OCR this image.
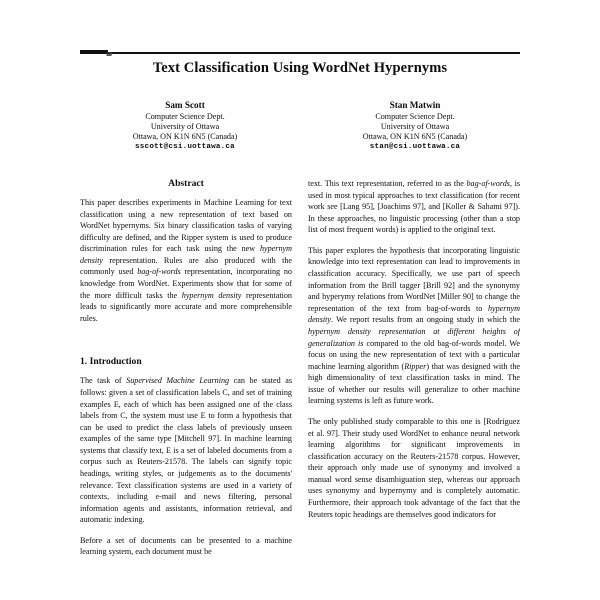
Text Classification Using WordNet Hypernyms
Sam Scott
Computer Science Dept.
University of Ottawa
Ottawa, ON K1N 6N5 (Canada)
sscott@csi.uottawa.ca
Stan Matwin
Computer Science Dept.
University of Ottawa
Ottawa, ON K1N 6N5 (Canada)
stan@csi.uottawa.ca
Abstract

This paper describes experiments in Machine Learning for text classification using a new representation of text based on WordNet hypernyms. Six binary classification tasks of varying difficulty are defined, and the Ripper system is used to produce discrimination rules for each task using the new hypernym density representation. Rules are also produced with the commonly used bag-of-words representation, incorporating no knowledge from WordNet. Experiments show that for some of the more difficult tasks the hypernym density representation leads to significantly more accurate and more comprehensible rules.

1. Introduction

The task of Supervised Machine Learning can be stated as follows: given a set of classification labels C, and set of training examples E, each of which has been assigned one of the class labels from C, the system must use E to form a hypothesis that can be used to predict the class labels of previously unseen examples of the same type [Mitchell 97]. In machine learning systems that classify text, E is a set of labeled documents from a corpus such as Reuters-21578. The labels can signify topic headings, writing styles, or judgements as to the documents' relevance. Text classification systems are used in a variety of contexts, including e-mail and news filtering, personal information agents and assistants, information retrieval, and automatic indexing.

Before a set of documents can be presented to a machine learning system, each document must be

text. This text representation, referred to as the bag-of-words, is used in most typical approaches to text classification (for recent work see [Lang 95], [Joachims 97], and [Koller & Sahami 97]). In these approaches, no linguistic processing (other than a stop list of most frequent words) is applied to the original text.

This paper explores the hypothesis that incorporating linguistic knowledge into text representation can lead to improvements in classification accuracy. Specifically, we use part of speech information from the Brill tagger [Brill 92] and the synonymy and hyperymy relations from WordNet [Miller 90] to change the representation of the text from bag-of-words to hypernym density. We report results from an ongoing study in which the hypernym density representation at different heights of generalization is compared to the old bag-of-words model. We focus on using the new representation of text with a particular machine learning algorithm (Ripper) that was designed with the high dimensionality of text classification tasks in mind. The issue of whether our results will generalize to other machine learning systems is left as future work.

The only published study comparable to this one is [Rodriguez et al. 97]. Their study used WordNet to enhance neural network learning algorithms for significant improvements in classification accuracy on the Reuters-21578 corpus. However, their approach only made use of synonymy and involved a manual word sense disambiguation step, whereas our approach uses synonymy and hypernymy and is completely automatic. Furthermore, their approach took advantage of the fact that the Reuters topic headings are themselves good indicators for
